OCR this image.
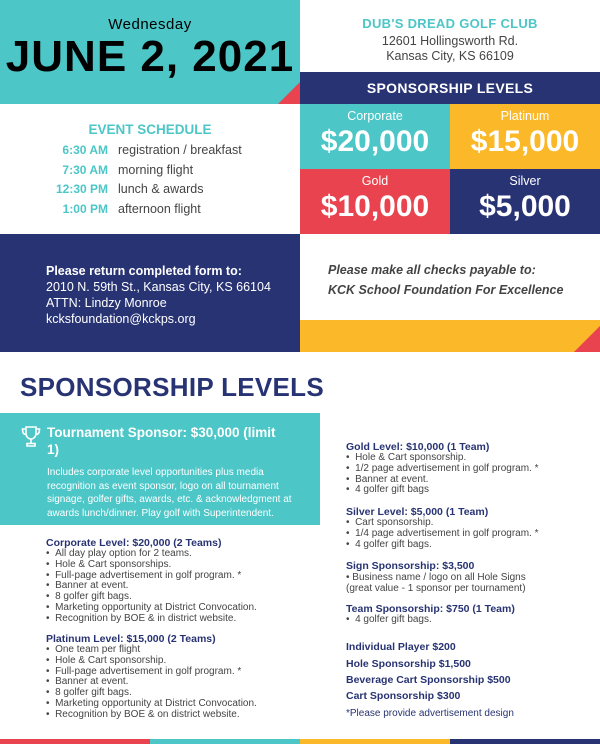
Wednesday
JUNE 2, 2021
DUB'S DREAD GOLF CLUB
12601 Hollingsworth Rd.
Kansas City, KS 66109
SPONSORSHIP LEVELS
Corporate
$20,000
Platinum
$15,000
Gold
$10,000
Silver
$5,000
EVENT SCHEDULE
6:30 AM registration / breakfast
7:30 AM morning flight
12:30 PM lunch & awards
1:00 PM afternoon flight
Please return completed form to:
2010 N. 59th St., Kansas City, KS 66104
ATTN: Lindzy Monroe
kcksfoundation@kckps.org
Please make all checks payable to:
KCK School Foundation For Excellence
SPONSORSHIP LEVELS
Tournament Sponsor: $30,000 (limit 1)
Includes corporate level opportunities plus media recognition as event sponsor, logo on all tournament signage, golfer gifts, awards, etc. & acknowledgment at awards lunch/dinner. Play golf with Superintendent.
Corporate Level: $20,000 (2 Teams)
•  All day play option for 2 teams.
•  Hole & Cart sponsorships.
•  Full-page advertisement in golf program. *
•  Banner at event.
•  8 golfer gift bags.
•  Marketing opportunity at District Convocation.
•  Recognition by BOE & in district website.
Platinum Level: $15,000 (2 Teams)
•  One team per flight
•  Hole & Cart sponsorship.
•  Full-page advertisement in golf program. *
•  Banner at event.
•  8 golfer gift bags.
•  Marketing opportunity at District Convocation.
•  Recognition by BOE & on district website.
Gold Level: $10,000 (1 Team)
•  Hole & Cart sponsorship.
•  1/2 page advertisement in golf program. *
•  Banner at event.
•  4 golfer gift bags
Silver Level: $5,000 (1 Team)
•  Cart sponsorship.
•  1/4 page advertisement in golf program. *
•  4 golfer gift bags.
Sign Sponsorship: $3,500
• Business name / logo on all Hole Signs
(great value - 1 sponsor per tournament)
Team Sponsorship: $750 (1 Team)
•  4 golfer gift bags.
Individual Player $200
Hole Sponsorship $1,500
Beverage Cart Sponsorship $500
Cart Sponsorship $300
*Please provide advertisement design
